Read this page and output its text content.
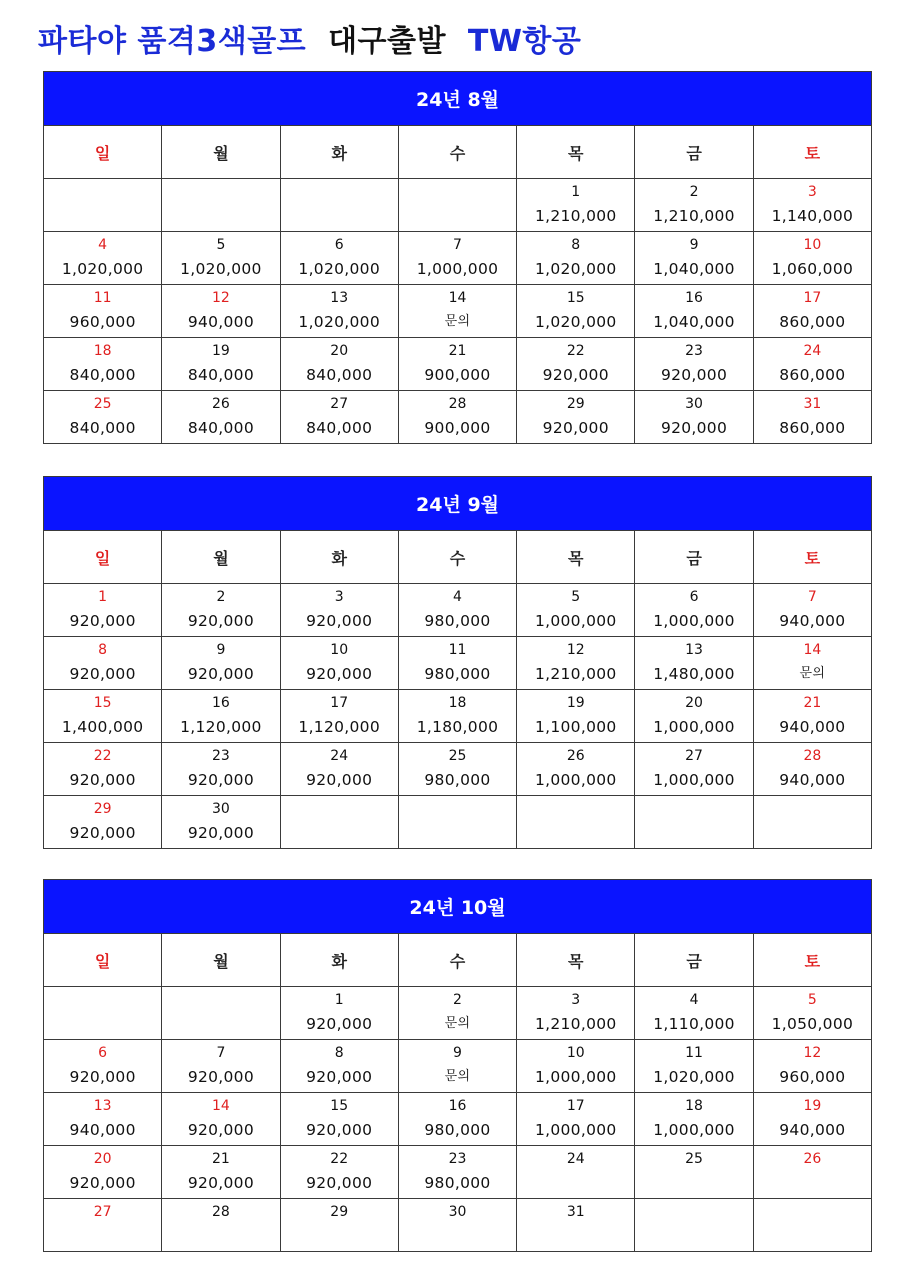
파타야 품격3색골프 대구출발 TW항공
24년 8월						
일	월	화	수	목	금	토

				1
1,210,000	2
1,210,000	3
1,140,000

4
1,020,000	5
1,020,000	6
1,020,000	7
1,000,000	8
1,020,000	9
1,040,000	10
1,060,000

11
960,000	12
940,000	13
1,020,000	14
문의	15
1,020,000	16
1,040,000	17
860,000

18
840,000	19
840,000	20
840,000	21
900,000	22
920,000	23
920,000	24
860,000

25
840,000	26
840,000	27
840,000	28
900,000	29
920,000	30
920,000	31
860,000
24년 9월						
일	월	화	수	목	금	토

1
920,000	2
920,000	3
920,000	4
980,000	5
1,000,000	6
1,000,000	7
940,000

8
920,000	9
920,000	10
920,000	11
980,000	12
1,210,000	13
1,480,000	14
문의

15
1,400,000	16
1,120,000	17
1,120,000	18
1,180,000	19
1,100,000	20
1,000,000	21
940,000

22
920,000	23
920,000	24
920,000	25
980,000	26
1,000,000	27
1,000,000	28
940,000

29
920,000	30
920,000					

24년 10월						
일	월	화	수	목	금	토

		1
920,000	2
문의	3
1,210,000	4
1,110,000	5
1,050,000

6
920,000	7
920,000	8
920,000	9
문의	10
1,000,000	11
1,020,000	12
960,000

13
940,000	14
920,000	15
920,000	16
980,000	17
1,000,000	18
1,000,000	19
940,000

20
920,000	21
920,000	22
920,000	23
980,000	24	25	26

27	28	29	30	31		
